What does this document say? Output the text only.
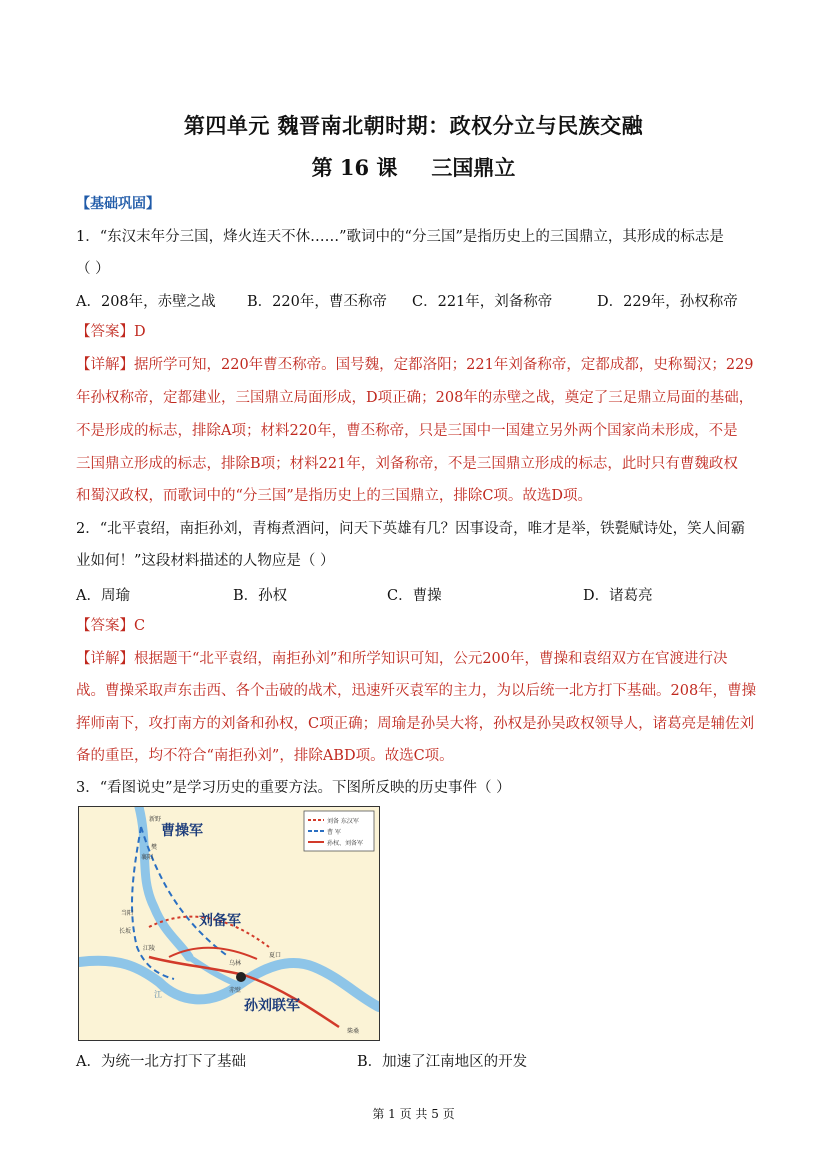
第四单元 魏晋南北朝时期：政权分立与民族交融
第 16 课 三国鼎立
【基础巩固】
1．“东汉末年分三国，烽火连天不休……”歌词中的“分三国”是指历史上的三国鼎立，其形成的标志是
（ ）
A．208年，赤壁之战 B．220年，曹丕称帝 C．221年，刘备称帝	D．229年，孙权称帝
【答案】D
【详解】据所学可知，220年曹丕称帝。国号魏，定都洛阳；221年刘备称帝，定都成都，史称蜀汉；229
年孙权称帝，定都建业，三国鼎立局面形成，D项正确；208年的赤壁之战，奠定了三足鼎立局面的基础，
不是形成的标志，排除A项；材料220年，曹丕称帝，只是三国中一国建立另外两个国家尚未形成，不是
三国鼎立形成的标志，排除B项；材料221年，刘备称帝，不是三国鼎立形成的标志，此时只有曹魏政权
和蜀汉政权，而歌词中的“分三国”是指历史上的三国鼎立，排除C项。故选D项。
2．“北平袁绍，南拒孙刘，青梅煮酒问，问天下英雄有几？因事设奇，唯才是举，铁甏赋诗处，笑人间霸
业如何！”这段材料描述的人物应是（ ）
A．周瑜	B．孙权	C．曹操	D．诸葛亮
【答案】C
【详解】根据题干“北平袁绍，南拒孙刘”和所学知识可知，公元200年，曹操和袁绍双方在官渡进行决
战。曹操采取声东击西、各个击破的战术，迅速歼灭袁军的主力，为以后统一北方打下基础。208年，曹操
挥师南下，攻打南方的刘备和孙权，C项正确；周瑜是孙吴大将，孙权是孙吴政权领导人，诸葛亮是辅佐刘
备的重臣，均不符合“南拒孙刘”，排除ABD项。故选C项。
3．“看图说史”是学习历史的重要方法。下图所反映的历史事件（ ）
刘备 东汉军
曹 军
孙权、刘备军
曹操军
刘备军
孙刘联军
新野
樊
襄阳
当阳
长坂
江陵
乌林
赤壁
夏口
柴桑
江
A．为统一北方打下了基础	B．加速了江南地区的开发
第 1 页 共 5 页
